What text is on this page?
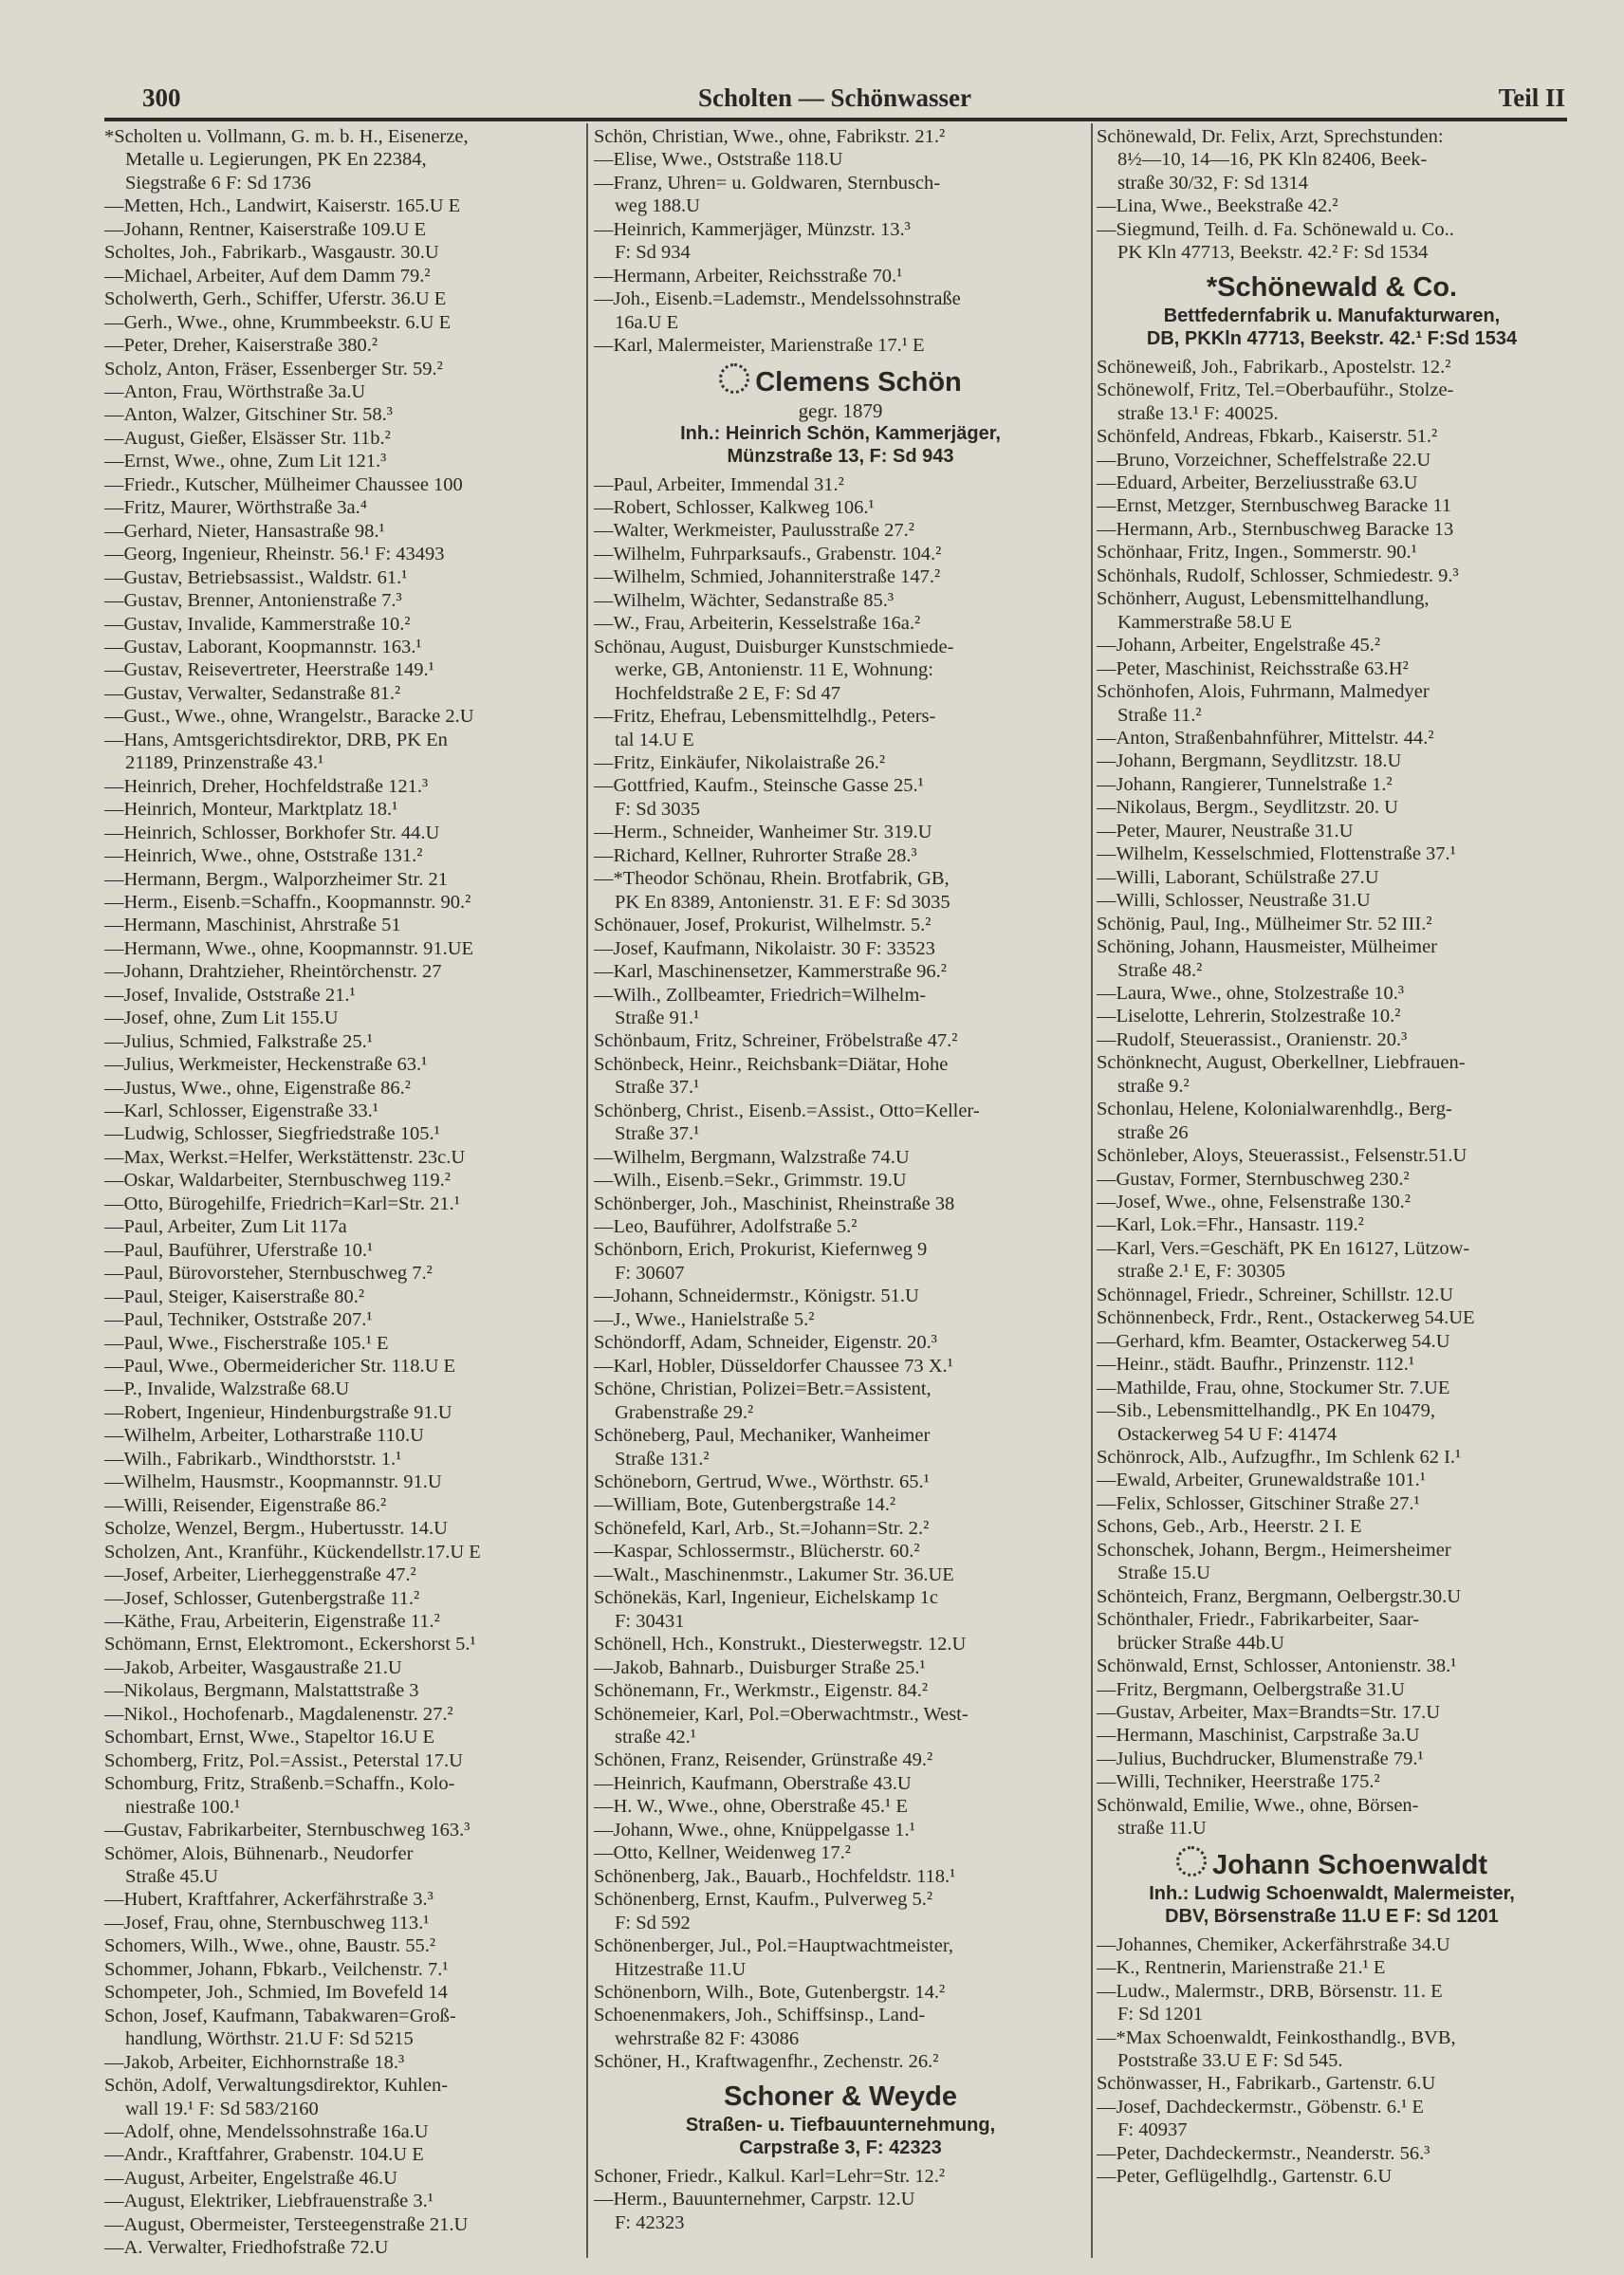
300	Scholten — Schönwasser	Teil II
*Scholten u. Vollmann, G. m. b. H., Eisenerze,
Metalle u. Legierungen, PK En 22384,
Siegstraße 6 F: Sd 1736
—Metten, Hch., Landwirt, Kaiserstr. 165.U E
—Johann, Rentner, Kaiserstraße 109.U E
Scholtes, Joh., Fabrikarb., Wasgaustr. 30.U
—Michael, Arbeiter, Auf dem Damm 79.²
Scholwerth, Gerh., Schiffer, Uferstr. 36.U E
—Gerh., Wwe., ohne, Krummbeekstr. 6.U E
—Peter, Dreher, Kaiserstraße 380.²
Scholz, Anton, Fräser, Essenberger Str. 59.²
—Anton, Frau, Wörthstraße 3a.U
—Anton, Walzer, Gitschiner Str. 58.³
—August, Gießer, Elsässer Str. 11b.²
—Ernst, Wwe., ohne, Zum Lit 121.³
—Friedr., Kutscher, Mülheimer Chaussee 100
—Fritz, Maurer, Wörthstraße 3a.⁴
—Gerhard, Nieter, Hansastraße 98.¹
—Georg, Ingenieur, Rheinstr. 56.¹ F: 43493
—Gustav, Betriebsassist., Waldstr. 61.¹
—Gustav, Brenner, Antonienstraße 7.³
—Gustav, Invalide, Kammerstraße 10.²
—Gustav, Laborant, Koopmannstr. 163.¹
—Gustav, Reisevertreter, Heerstraße 149.¹
—Gustav, Verwalter, Sedanstraße 81.²
—Gust., Wwe., ohne, Wrangelstr., Baracke 2.U
—Hans, Amtsgerichtsdirektor, DRB, PK En
21189, Prinzenstraße 43.¹
—Heinrich, Dreher, Hochfeldstraße 121.³
—Heinrich, Monteur, Marktplatz 18.¹
—Heinrich, Schlosser, Borkhofer Str. 44.U
—Heinrich, Wwe., ohne, Oststraße 131.²
—Hermann, Bergm., Walporzheimer Str. 21
—Herm., Eisenb.=Schaffn., Koopmannstr. 90.²
—Hermann, Maschinist, Ahrstraße 51
—Hermann, Wwe., ohne, Koopmannstr. 91.UE
—Johann, Drahtzieher, Rheintörchenstr. 27
—Josef, Invalide, Oststraße 21.¹
—Josef, ohne, Zum Lit 155.U
—Julius, Schmied, Falkstraße 25.¹
—Julius, Werkmeister, Heckenstraße 63.¹
—Justus, Wwe., ohne, Eigenstraße 86.²
—Karl, Schlosser, Eigenstraße 33.¹
—Ludwig, Schlosser, Siegfriedstraße 105.¹
—Max, Werkst.=Helfer, Werkstättenstr. 23c.U
—Oskar, Waldarbeiter, Sternbuschweg 119.²
—Otto, Bürogehilfe, Friedrich=Karl=Str. 21.¹
—Paul, Arbeiter, Zum Lit 117a
—Paul, Bauführer, Uferstraße 10.¹
—Paul, Bürovorsteher, Sternbuschweg 7.²
—Paul, Steiger, Kaiserstraße 80.²
—Paul, Techniker, Oststraße 207.¹
—Paul, Wwe., Fischerstraße 105.¹ E
—Paul, Wwe., Obermeidericher Str. 118.U E
—P., Invalide, Walzstraße 68.U
—Robert, Ingenieur, Hindenburgstraße 91.U
—Wilhelm, Arbeiter, Lotharstraße 110.U
—Wilh., Fabrikarb., Windthorststr. 1.¹
—Wilhelm, Hausmstr., Koopmannstr. 91.U
—Willi, Reisender, Eigenstraße 86.²
Scholze, Wenzel, Bergm., Hubertusstr. 14.U
Scholzen, Ant., Kranführ., Kückendellstr.17.U E
—Josef, Arbeiter, Lierheggenstraße 47.²
—Josef, Schlosser, Gutenbergstraße 11.²
—Käthe, Frau, Arbeiterin, Eigenstraße 11.²
Schömann, Ernst, Elektromont., Eckershorst 5.¹
—Jakob, Arbeiter, Wasgaustraße 21.U
—Nikolaus, Bergmann, Malstattstraße 3
—Nikol., Hochofenarb., Magdalenenstr. 27.²
Schombart, Ernst, Wwe., Stapeltor 16.U E
Schomberg, Fritz, Pol.=Assist., Peterstal 17.U
Schomburg, Fritz, Straßenb.=Schaffn., Kolo-
niestraße 100.¹
—Gustav, Fabrikarbeiter, Sternbuschweg 163.³
Schömer, Alois, Bühnenarb., Neudorfer
Straße 45.U
—Hubert, Kraftfahrer, Ackerfährstraße 3.³
—Josef, Frau, ohne, Sternbuschweg 113.¹
Schomers, Wilh., Wwe., ohne, Baustr. 55.²
Schommer, Johann, Fbkarb., Veilchenstr. 7.¹
Schompeter, Joh., Schmied, Im Bovefeld 14
Schon, Josef, Kaufmann, Tabakwaren=Groß-
handlung, Wörthstr. 21.U F: Sd 5215
—Jakob, Arbeiter, Eichhornstraße 18.³
Schön, Adolf, Verwaltungsdirektor, Kuhlen-
wall 19.¹ F: Sd 583/2160
—Adolf, ohne, Mendelssohnstraße 16a.U
—Andr., Kraftfahrer, Grabenstr. 104.U E
—August, Arbeiter, Engelstraße 46.U
—August, Elektriker, Liebfrauenstraße 3.¹
—August, Obermeister, Tersteegenstraße 21.U
—A. Verwalter, Friedhofstraße 72.U
Schön, Christian, Wwe., ohne, Fabrikstr. 21.²
—Elise, Wwe., Oststraße 118.U
—Franz, Uhren= u. Goldwaren, Sternbusch-
weg 188.U
—Heinrich, Kammerjäger, Münzstr. 13.³
F: Sd 934
—Hermann, Arbeiter, Reichsstraße 70.¹
—Joh., Eisenb.=Lademstr., Mendelssohnstraße
16a.U E
—Karl, Malermeister, Marienstraße 17.¹ E
Clemens Schön
gegr. 1879
Inh.: Heinrich Schön, Kammerjäger,
Münzstraße 13, F: Sd 943
—Paul, Arbeiter, Immendal 31.²
—Robert, Schlosser, Kalkweg 106.¹
—Walter, Werkmeister, Paulusstraße 27.²
—Wilhelm, Fuhrparksaufs., Grabenstr. 104.²
—Wilhelm, Schmied, Johanniterstraße 147.²
—Wilhelm, Wächter, Sedanstraße 85.³
—W., Frau, Arbeiterin, Kesselstraße 16a.²
Schönau, August, Duisburger Kunstschmiede-
werke, GB, Antonienstr. 11 E, Wohnung:
Hochfeldstraße 2 E, F: Sd 47
—Fritz, Ehefrau, Lebensmittelhdlg., Peters-
tal 14.U E
—Fritz, Einkäufer, Nikolaistraße 26.²
—Gottfried, Kaufm., Steinsche Gasse 25.¹
F: Sd 3035
—Herm., Schneider, Wanheimer Str. 319.U
—Richard, Kellner, Ruhrorter Straße 28.³
—*Theodor Schönau, Rhein. Brotfabrik, GB,
PK En 8389, Antonienstr. 31. E F: Sd 3035
Schönauer, Josef, Prokurist, Wilhelmstr. 5.²
—Josef, Kaufmann, Nikolaistr. 30 F: 33523
—Karl, Maschinensetzer, Kammerstraße 96.²
—Wilh., Zollbeamter, Friedrich=Wilhelm-
Straße 91.¹
Schönbaum, Fritz, Schreiner, Fröbelstraße 47.²
Schönbeck, Heinr., Reichsbank=Diätar, Hohe
Straße 37.¹
Schönberg, Christ., Eisenb.=Assist., Otto=Keller-
Straße 37.¹
—Wilhelm, Bergmann, Walzstraße 74.U
—Wilh., Eisenb.=Sekr., Grimmstr. 19.U
Schönberger, Joh., Maschinist, Rheinstraße 38
—Leo, Bauführer, Adolfstraße 5.²
Schönborn, Erich, Prokurist, Kiefernweg 9
F: 30607
—Johann, Schneidermstr., Königstr. 51.U
—J., Wwe., Hanielstraße 5.²
Schöndorff, Adam, Schneider, Eigenstr. 20.³
—Karl, Hobler, Düsseldorfer Chaussee 73 X.¹
Schöne, Christian, Polizei=Betr.=Assistent,
Grabenstraße 29.²
Schöneberg, Paul, Mechaniker, Wanheimer
Straße 131.²
Schöneborn, Gertrud, Wwe., Wörthstr. 65.¹
—William, Bote, Gutenbergstraße 14.²
Schönefeld, Karl, Arb., St.=Johann=Str. 2.²
—Kaspar, Schlossermstr., Blücherstr. 60.²
—Walt., Maschinenmstr., Lakumer Str. 36.UE
Schönekäs, Karl, Ingenieur, Eichelskamp 1c
F: 30431
Schönell, Hch., Konstrukt., Diesterwegstr. 12.U
—Jakob, Bahnarb., Duisburger Straße 25.¹
Schönemann, Fr., Werkmstr., Eigenstr. 84.²
Schönemeier, Karl, Pol.=Oberwachtmstr., West-
straße 42.¹
Schönen, Franz, Reisender, Grünstraße 49.²
—Heinrich, Kaufmann, Oberstraße 43.U
—H. W., Wwe., ohne, Oberstraße 45.¹ E
—Johann, Wwe., ohne, Knüppelgasse 1.¹
—Otto, Kellner, Weidenweg 17.²
Schönenberg, Jak., Bauarb., Hochfeldstr. 118.¹
Schönenberg, Ernst, Kaufm., Pulverweg 5.²
F: Sd 592
Schönenberger, Jul., Pol.=Hauptwachtmeister,
Hitzestraße 11.U
Schönenborn, Wilh., Bote, Gutenbergstr. 14.²
Schoenenmakers, Joh., Schiffsinsp., Land-
wehrstraße 82 F: 43086
Schöner, H., Kraftwagenfhr., Zechenstr. 26.²
Schoner & Weyde
Straßen- u. Tiefbauunternehmung,
Carpstraße 3, F: 42323
Schoner, Friedr., Kalkul. Karl=Lehr=Str. 12.²
—Herm., Bauunternehmer, Carpstr. 12.U
F: 42323
Schönewald, Dr. Felix, Arzt, Sprechstunden:
8½—10, 14—16, PK Kln 82406, Beek-
straße 30/32, F: Sd 1314
—Lina, Wwe., Beekstraße 42.²
—Siegmund, Teilh. d. Fa. Schönewald u. Co..
PK Kln 47713, Beekstr. 42.² F: Sd 1534
*Schönewald & Co.
Bettfedernfabrik u. Manufakturwaren,
DB, PKKln 47713, Beekstr. 42.¹ F:Sd 1534
Schöneweiß, Joh., Fabrikarb., Apostelstr. 12.²
Schönewolf, Fritz, Tel.=Oberbauführ., Stolze-
straße 13.¹ F: 40025.
Schönfeld, Andreas, Fbkarb., Kaiserstr. 51.²
—Bruno, Vorzeichner, Scheffelstraße 22.U
—Eduard, Arbeiter, Berzeliusstraße 63.U
—Ernst, Metzger, Sternbuschweg Baracke 11
—Hermann, Arb., Sternbuschweg Baracke 13
Schönhaar, Fritz, Ingen., Sommerstr. 90.¹
Schönhals, Rudolf, Schlosser, Schmiedestr. 9.³
Schönherr, August, Lebensmittelhandlung,
Kammerstraße 58.U E
—Johann, Arbeiter, Engelstraße 45.²
—Peter, Maschinist, Reichsstraße 63.H²
Schönhofen, Alois, Fuhrmann, Malmedyer
Straße 11.²
—Anton, Straßenbahnführer, Mittelstr. 44.²
—Johann, Bergmann, Seydlitzstr. 18.U
—Johann, Rangierer, Tunnelstraße 1.²
—Nikolaus, Bergm., Seydlitzstr. 20. U
—Peter, Maurer, Neustraße 31.U
—Wilhelm, Kesselschmied, Flottenstraße 37.¹
—Willi, Laborant, Schülstraße 27.U
—Willi, Schlosser, Neustraße 31.U
Schönig, Paul, Ing., Mülheimer Str. 52 III.²
Schöning, Johann, Hausmeister, Mülheimer
Straße 48.²
—Laura, Wwe., ohne, Stolzestraße 10.³
—Liselotte, Lehrerin, Stolzestraße 10.²
—Rudolf, Steuerassist., Oranienstr. 20.³
Schönknecht, August, Oberkellner, Liebfrauen-
straße 9.²
Schonlau, Helene, Kolonialwarenhdlg., Berg-
straße 26
Schönleber, Aloys, Steuerassist., Felsenstr.51.U
—Gustav, Former, Sternbuschweg 230.²
—Josef, Wwe., ohne, Felsenstraße 130.²
—Karl, Lok.=Fhr., Hansastr. 119.²
—Karl, Vers.=Geschäft, PK En 16127, Lützow-
straße 2.¹ E, F: 30305
Schönnagel, Friedr., Schreiner, Schillstr. 12.U
Schönnenbeck, Frdr., Rent., Ostackerweg 54.UE
—Gerhard, kfm. Beamter, Ostackerweg 54.U
—Heinr., städt. Baufhr., Prinzenstr. 112.¹
—Mathilde, Frau, ohne, Stockumer Str. 7.UE
—Sib., Lebensmittelhandlg., PK En 10479,
Ostackerweg 54 U F: 41474
Schönrock, Alb., Aufzugfhr., Im Schlenk 62 I.¹
—Ewald, Arbeiter, Grunewaldstraße 101.¹
—Felix, Schlosser, Gitschiner Straße 27.¹
Schons, Geb., Arb., Heerstr. 2 I. E
Schonschek, Johann, Bergm., Heimersheimer
Straße 15.U
Schönteich, Franz, Bergmann, Oelbergstr.30.U
Schönthaler, Friedr., Fabrikarbeiter, Saar-
brücker Straße 44b.U
Schönwald, Ernst, Schlosser, Antonienstr. 38.¹
—Fritz, Bergmann, Oelbergstraße 31.U
—Gustav, Arbeiter, Max=Brandts=Str. 17.U
—Hermann, Maschinist, Carpstraße 3a.U
—Julius, Buchdrucker, Blumenstraße 79.¹
—Willi, Techniker, Heerstraße 175.²
Schönwald, Emilie, Wwe., ohne, Börsen-
straße 11.U
Johann Schoenwaldt
Inh.: Ludwig Schoenwaldt, Malermeister,
DBV, Börsenstraße 11.U E F: Sd 1201
—Johannes, Chemiker, Ackerfährstraße 34.U
—K., Rentnerin, Marienstraße 21.¹ E
—Ludw., Malermstr., DRB, Börsenstr. 11. E
F: Sd 1201
—*Max Schoenwaldt, Feinkosthandlg., BVB,
Poststraße 33.U E F: Sd 545.
Schönwasser, H., Fabrikarb., Gartenstr. 6.U
—Josef, Dachdeckermstr., Göbenstr. 6.¹ E
F: 40937
—Peter, Dachdeckermstr., Neanderstr. 56.³
—Peter, Geflügelhdlg., Gartenstr. 6.U
